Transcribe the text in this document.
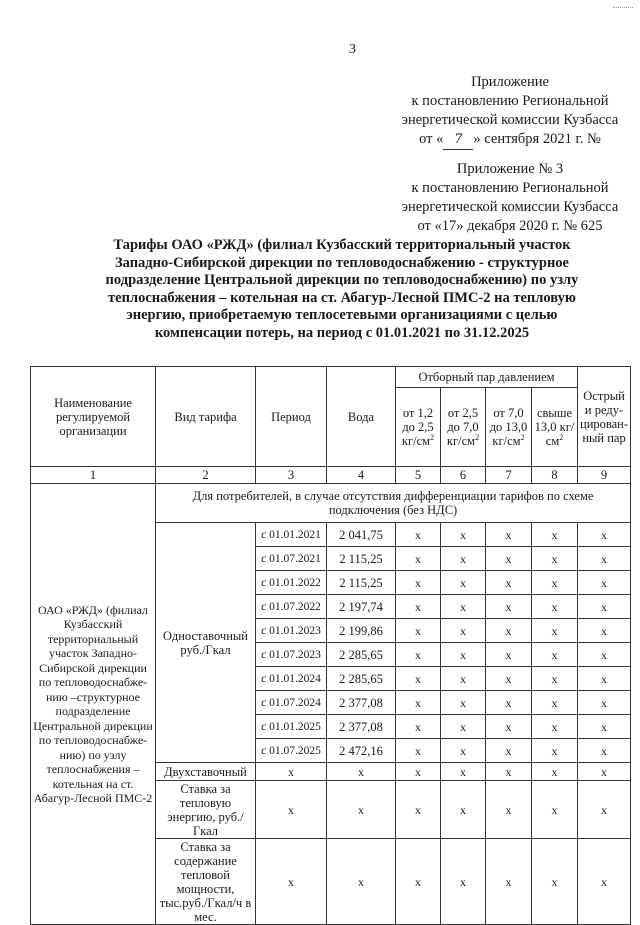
3
Приложение
к постановлению Региональной
энергетической комиссии Кузбасса
от « 7 » сентября 2021 г. №
Приложение № 3
к постановлению Региональной
энергетической комиссии Кузбасса
от «17» декабря 2020 г. № 625
Тарифы ОАО «РЖД» (филиал Кузбасский территориальный участок
Западно-Сибирской дирекции по тепловодоснабжению - структурное
подразделение Центральной дирекции по тепловодоснабжению) по узлу
теплоснабжения – котельная на ст. Абагур-Лесной ПМС-2 на тепловую
энергию, приобретаемую теплосетевыми организациями с целью
компенсации потерь, на период с 01.01.2021 по 31.12.2025
Наименование регулируемой организации	Вид тарифа	Период	Вода	Отборный пар давлением				Острый и реду-цирован-ный пар
				от 1,2 до 2,5 $кг/см^2$	от 2,5 до 7,0 $кг/см^2$	от 7,0 до 13,0 $кг/см^2$	свыше 13,0 $кг/см^2$
1	2	3	4	5	6	7	8	9
ОАО «РЖД» (филиал Кузбасский территориальный участок Западно-Сибирской дирекции по тепловодоснабже-нию –структурное подразделение Центральной дирекции по тепловодоснабже-нию) по узлу теплоснабжения – котельная на ст. Абагур-Лесной ПМС-2	Для потребителей, в случае отсутствия дифференциации тарифов по схеме подключения (без НДС)							
	Одноставочный руб./Гкал	с 01.01.2021	2 041,75	х	х	х	х	х
		с 01.07.2021	2 115,25	х	х	х	х	х
		с 01.01.2022	2 115,25	х	х	х	х	х
		с 01.07.2022	2 197,74	х	х	х	х	х
		с 01.01.2023	2 199,86	х	х	х	х	х
		с 01.07.2023	2 285,65	х	х	х	х	х
		с 01.01.2024	2 285,65	х	х	х	х	х
		с 01.07.2024	2 377,08	х	х	х	х	х
		с 01.01.2025	2 377,08	х	х	х	х	х
		с 01.07.2025	2 472,16	х	х	х	х	х
	Двухставочный	х	х	х	х	х	х	х
	Ставка за тепловую энергию, руб./Гкал	х	х	х	х	х	х	х
	Ставка за содержание тепловой мощности, тыс.руб./Гкал/ч в мес.	х	х	х	х	х	х	х
